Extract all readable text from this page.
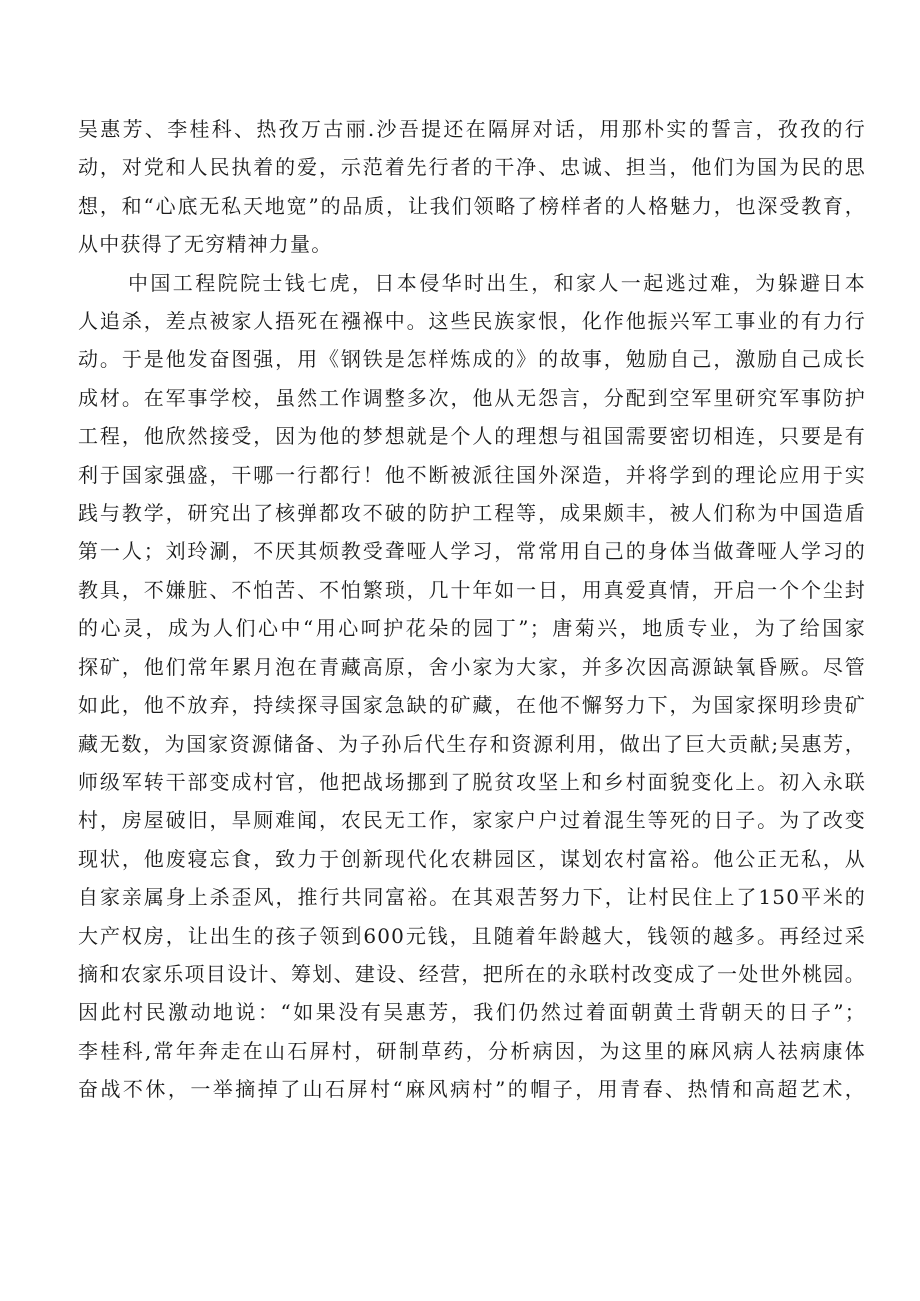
吴惠芳、李桂科、热孜万古丽.沙吾提还在隔屏对话，用那朴实的誓言，孜孜的行
动，对党和人民执着的爱，示范着先行者的干净、忠诚、担当，他们为国为民的思
想，和“心底无私天地宽”的品质，让我们领略了榜样者的人格魅力，也深受教育，
从中获得了无穷精神力量。

中国工程院院士钱七虎，日本侵华时出生，和家人一起逃过难，为躲避日本
人追杀，差点被家人捂死在襁褓中。这些民族家恨，化作他振兴军工事业的有力行
动。于是他发奋图强，用《钢铁是怎样炼成的》的故事，勉励自己，激励自己成长
成材。在军事学校，虽然工作调整多次，他从无怨言，分配到空军里研究军事防护
工程，他欣然接受，因为他的梦想就是个人的理想与祖国需要密切相连，只要是有
利于国家强盛，干哪一行都行！他不断被派往国外深造，并将学到的理论应用于实
践与教学，研究出了核弹都攻不破的防护工程等，成果颇丰，被人们称为中国造盾
第一人；刘玲涮，不厌其烦教受聋哑人学习，常常用自己的身体当做聋哑人学习的
教具，不嫌脏、不怕苦、不怕繁琐，几十年如一日，用真爱真情，开启一个个尘封
的心灵，成为人们心中“用心呵护花朵的园丁”；唐菊兴，地质专业，为了给国家
探矿，他们常年累月泡在青藏高原，舍小家为大家，并多次因高源缺氧昏厥。尽管
如此，他不放弃，持续探寻国家急缺的矿藏，在他不懈努力下，为国家探明珍贵矿
藏无数，为国家资源储备、为子孙后代生存和资源利用，做出了巨大贡献;吴惠芳，
师级军转干部变成村官，他把战场挪到了脱贫攻坚上和乡村面貌变化上。初入永联
村，房屋破旧，旱厕难闻，农民无工作，家家户户过着混生等死的日子。为了改变
现状，他废寝忘食，致力于创新现代化农耕园区，谋划农村富裕。他公正无私，从
自家亲属身上杀歪风，推行共同富裕。在其艰苦努力下，让村民住上了150平米的
大产权房，让出生的孩子领到600元钱，且随着年龄越大，钱领的越多。再经过采
摘和农家乐项目设计、筹划、建设、经营，把所在的永联村改变成了一处世外桃园。
因此村民激动地说：“如果没有吴惠芳，我们仍然过着面朝黄土背朝天的日子”；
李桂科,常年奔走在山石屏村，研制草药，分析病因，为这里的麻风病人祛病康体
奋战不休，一举摘掉了山石屏村“麻风病村”的帽子，用青春、热情和高超艺术，
